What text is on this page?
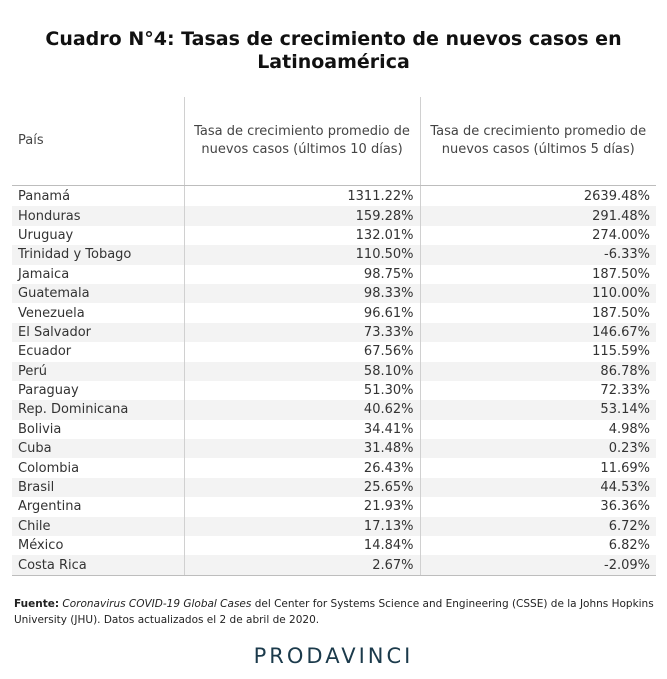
Cuadro N°4: Tasas de crecimiento de nuevos casos en Latinoamérica
País	Tasa de crecimiento promedio de nuevos casos (últimos 10 días)	Tasa de crecimiento promedio de nuevos casos (últimos 5 días)
Panamá	1311.22%	2639.48%
Honduras	159.28%	291.48%
Uruguay	132.01%	274.00%
Trinidad y Tobago	110.50%	-6.33%
Jamaica	98.75%	187.50%
Guatemala	98.33%	110.00%
Venezuela	96.61%	187.50%
El Salvador	73.33%	146.67%
Ecuador	67.56%	115.59%
Perú	58.10%	86.78%
Paraguay	51.30%	72.33%
Rep. Dominicana	40.62%	53.14%
Bolivia	34.41%	4.98%
Cuba	31.48%	0.23%
Colombia	26.43%	11.69%
Brasil	25.65%	44.53%
Argentina	21.93%	36.36%
Chile	17.13%	6.72%
México	14.84%	6.82%
Costa Rica	2.67%	-2.09%
Fuente: Coronavirus COVID-19 Global Cases del Center for Systems Science and Engineering (CSSE) de la Johns Hopkins University (JHU). Datos actualizados el 2 de abril de 2020.
PRODAVINCI
